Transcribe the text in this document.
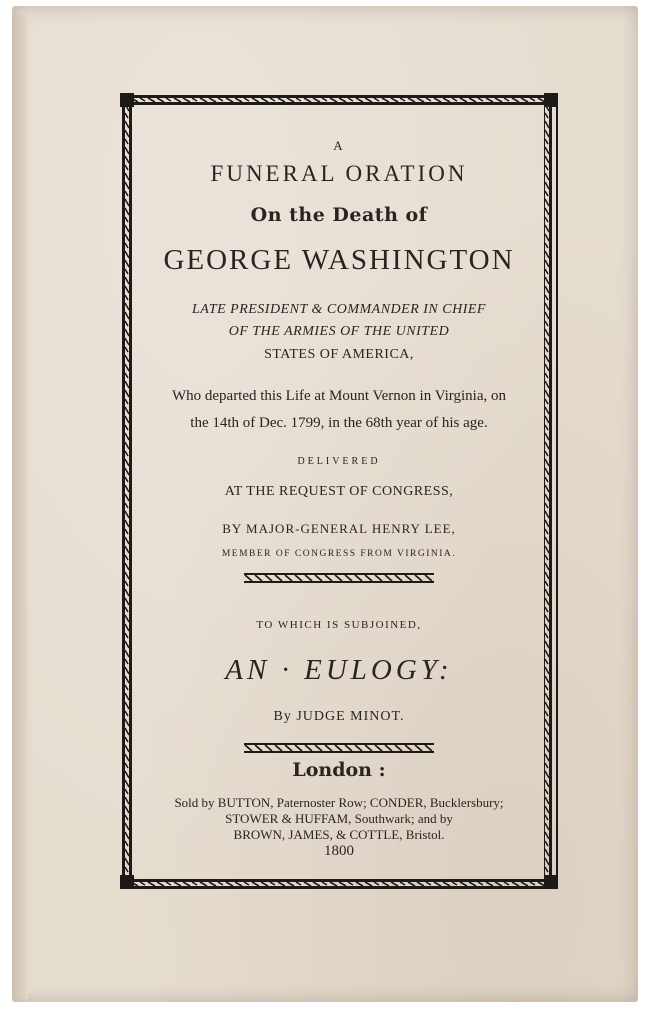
A
FUNERAL ORATION
On the Death of
GEORGE WASHINGTON
LATE PRESIDENT & COMMANDER IN CHIEF
OF THE ARMIES OF THE UNITED
STATES OF AMERICA,
Who departed this Life at Mount Vernon in Virginia, on
the 14th of Dec. 1799, in the 68th year of his age.
DELIVERED
AT THE REQUEST OF CONGRESS,
BY MAJOR-GENERAL HENRY LEE,
MEMBER OF CONGRESS FROM VIRGINIA.
TO WHICH IS SUBJOINED,
AN · EULOGY:
By JUDGE MINOT.
London :
Sold by BUTTON, Paternoster Row; CONDER, Bucklersbury;
STOWER & HUFFAM, Southwark; and by
BROWN, JAMES, & COTTLE, Bristol.
1800
